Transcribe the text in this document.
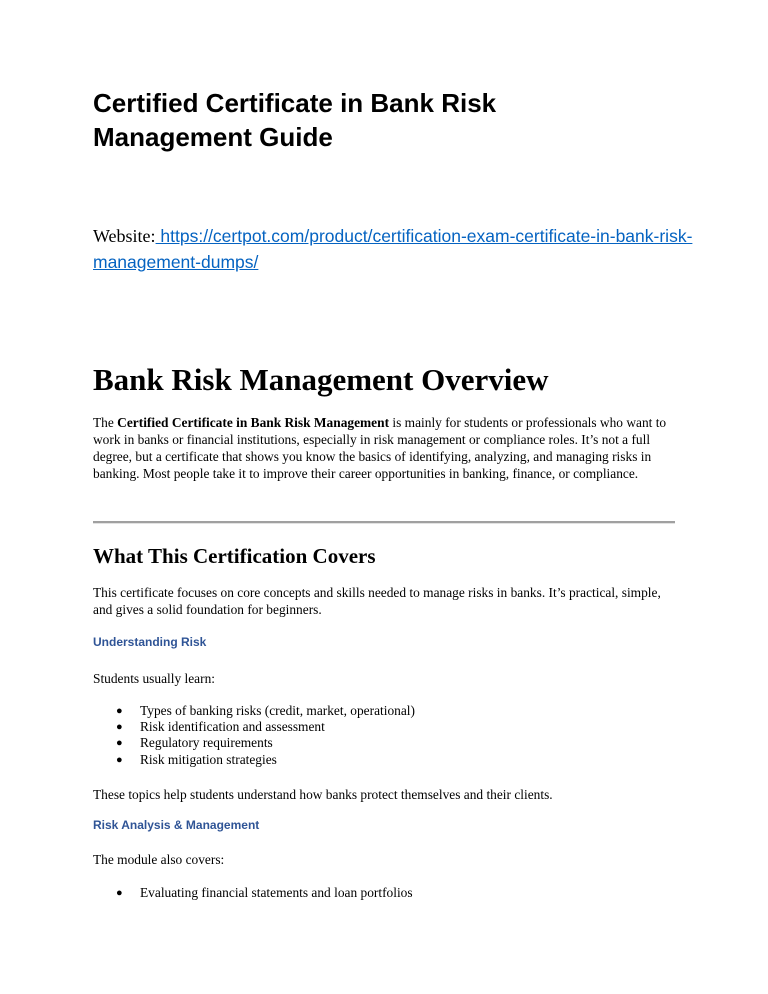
Certified Certificate in Bank Risk Management Guide

Website: https://certpot.com/product/certification-exam-certificate-in-bank-risk-management-dumps/

Bank Risk Management Overview

The Certified Certificate in Bank Risk Management is mainly for students or professionals who want to work in banks or financial institutions, especially in risk management or compliance roles. It’s not a full degree, but a certificate that shows you know the basics of identifying, analyzing, and managing risks in banking. Most people take it to improve their career opportunities in banking, finance, or compliance.

What This Certification Covers

This certificate focuses on core concepts and skills needed to manage risks in banks. It’s practical, simple, and gives a solid foundation for beginners.

Understanding Risk

Students usually learn:

● Types of banking risks (credit, market, operational)
● Risk identification and assessment
● Regulatory requirements
● Risk mitigation strategies

These topics help students understand how banks protect themselves and their clients.

Risk Analysis & Management

The module also covers:

● Evaluating financial statements and loan portfolios
